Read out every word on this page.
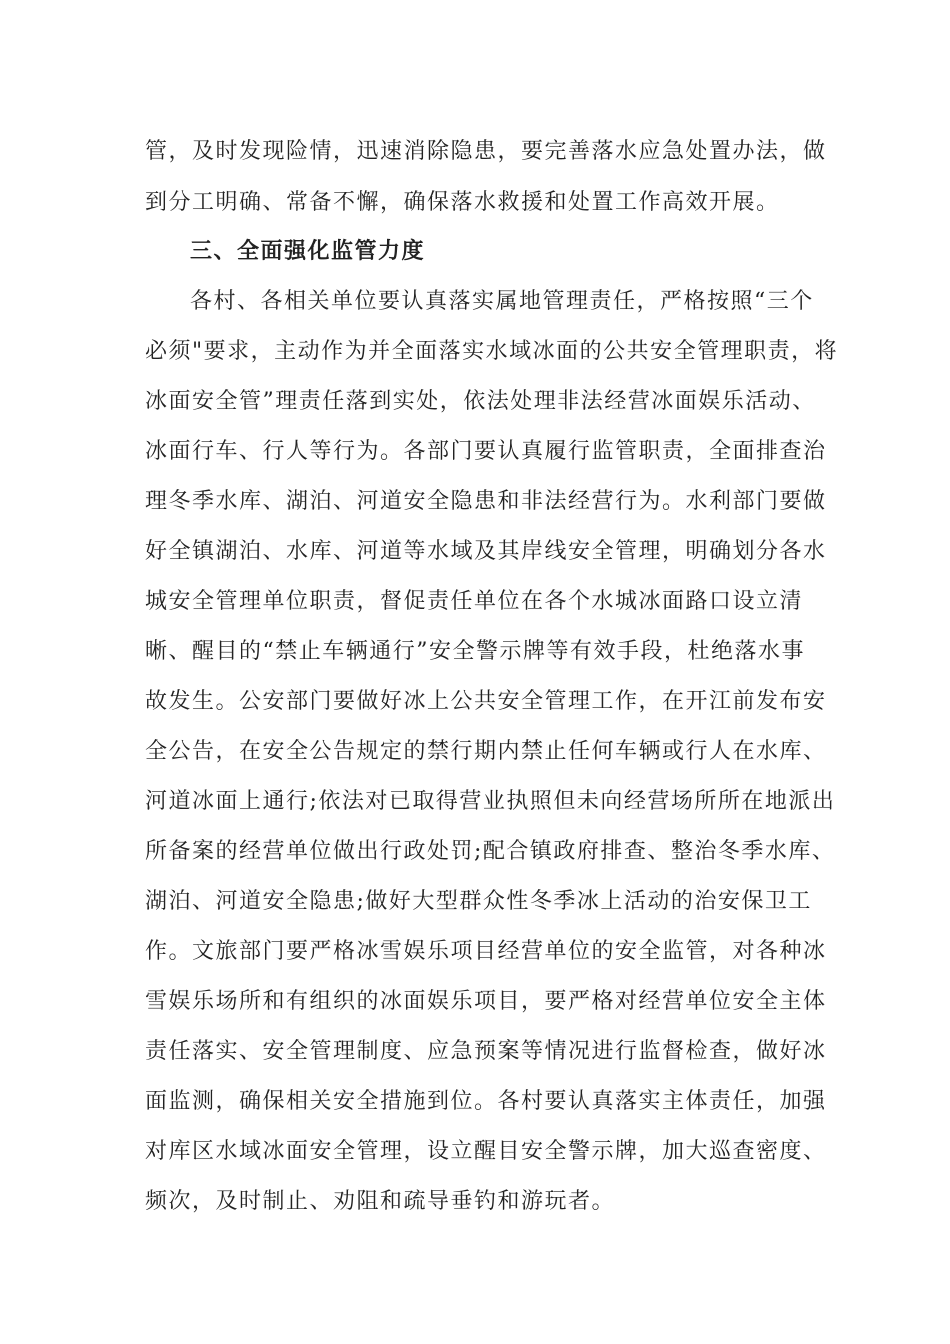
管，及时发现险情，迅速消除隐患，要完善落水应急处置办法，做
到分工明确、常备不懈，确保落水救援和处置工作高效开展。
三、全面强化监管力度
各村、各相关单位要认真落实属地管理责任，严格按照“三个
必须"要求，主动作为并全面落实水域冰面的公共安全管理职责，将
冰面安全管”理责任落到实处，依法处理非法经营冰面娱乐活动、
冰面行车、行人等行为。各部门要认真履行监管职责，全面排查治
理冬季水库、湖泊、河道安全隐患和非法经营行为。水利部门要做
好全镇湖泊、水库、河道等水域及其岸线安全管理，明确划分各水
城安全管理单位职责，督促责任单位在各个水城冰面路口设立清
晰、醒目的“禁止车辆通行”安全警示牌等有效手段，杜绝落水事
故发生。公安部门要做好冰上公共安全管理工作，在开江前发布安
全公告，在安全公告规定的禁行期内禁止任何车辆或行人在水库、
河道冰面上通行;依法对已取得营业执照但未向经营场所所在地派出
所备案的经营单位做出行政处罚;配合镇政府排查、整治冬季水库、
湖泊、河道安全隐患;做好大型群众性冬季冰上活动的治安保卫工
作。文旅部门要严格冰雪娱乐项目经营单位的安全监管，对各种冰
雪娱乐场所和有组织的冰面娱乐项目，要严格对经营单位安全主体
责任落实、安全管理制度、应急预案等情况进行监督检查，做好冰
面监测，确保相关安全措施到位。各村要认真落实主体责任，加强
对库区水域冰面安全管理，设立醒目安全警示牌，加大巡查密度、
频次，及时制止、劝阻和疏导垂钓和游玩者。
